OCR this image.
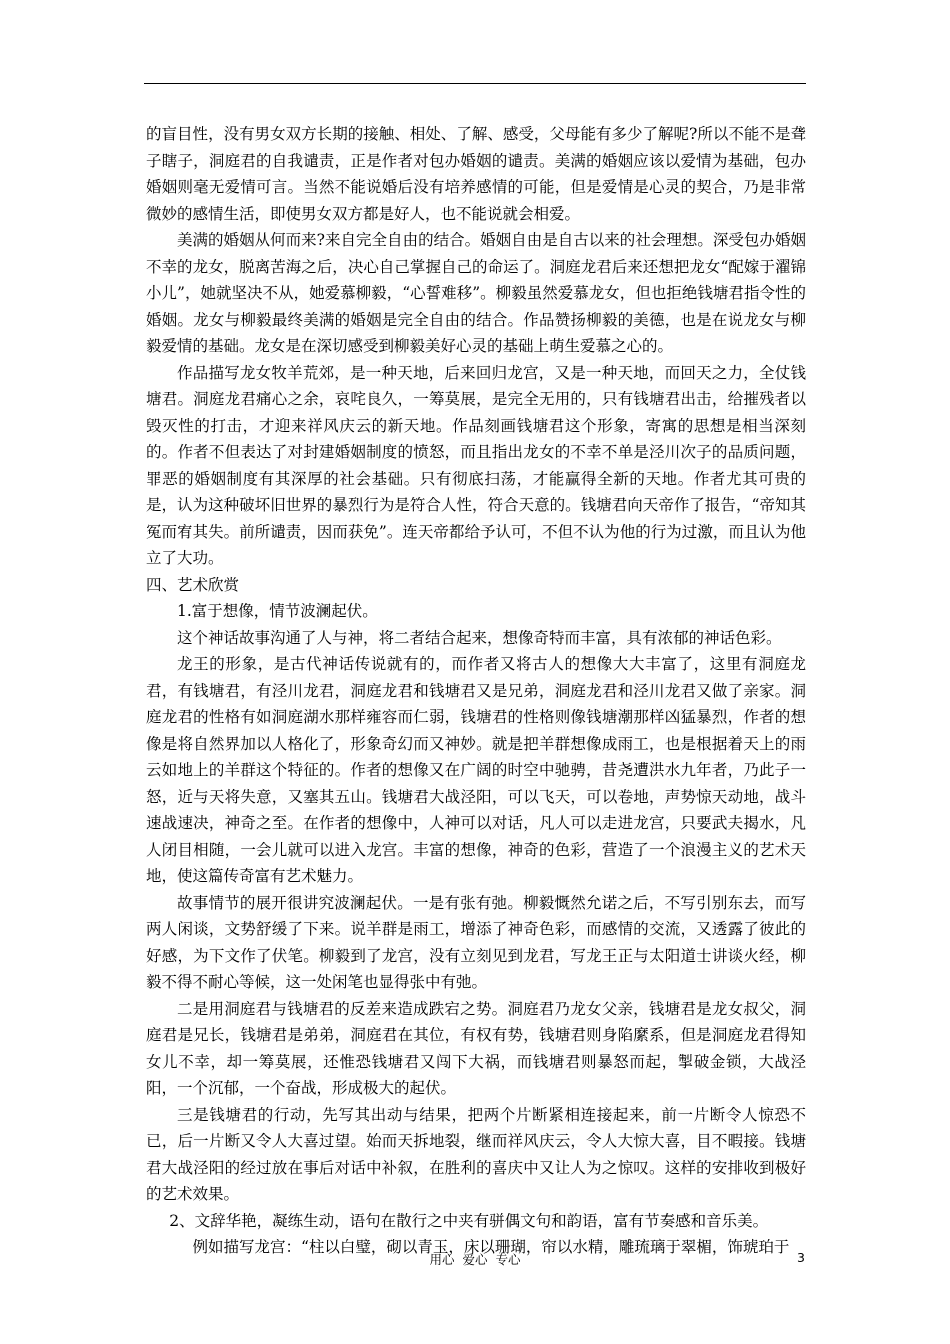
的盲目性，没有男女双方长期的接触、相处、了解、感受，父母能有多少了解呢?所以不能不是聋子瞎子，洞庭君的自我谴责，正是作者对包办婚姻的谴责。美满的婚姻应该以爱情为基础，包办婚姻则毫无爱情可言。当然不能说婚后没有培养感情的可能，但是爱情是心灵的契合，乃是非常微妙的感情生活，即使男女双方都是好人，也不能说就会相爱。

美满的婚姻从何而来?来自完全自由的结合。婚姻自由是自古以来的社会理想。深受包办婚姻不幸的龙女，脱离苦海之后，决心自己掌握自己的命运了。洞庭龙君后来还想把龙女“配嫁于濯锦小儿”，她就坚决不从，她爱慕柳毅，“心誓难移”。柳毅虽然爱慕龙女，但也拒绝钱塘君指令性的婚姻。龙女与柳毅最终美满的婚姻是完全自由的结合。作品赞扬柳毅的美德，也是在说龙女与柳毅爱情的基础。龙女是在深切感受到柳毅美好心灵的基础上萌生爱慕之心的。

作品描写龙女牧羊荒郊，是一种天地，后来回归龙宫，又是一种天地，而回天之力，全仗钱塘君。洞庭龙君痛心之余，哀咤良久，一筹莫展，是完全无用的，只有钱塘君出击，给摧残者以毁灭性的打击，才迎来祥风庆云的新天地。作品刻画钱塘君这个形象，寄寓的思想是相当深刻的。作者不但表达了对封建婚姻制度的愤怒，而且指出龙女的不幸不单是泾川次子的品质问题，罪恶的婚姻制度有其深厚的社会基础。只有彻底扫荡，才能赢得全新的天地。作者尤其可贵的是，认为这种破坏旧世界的暴烈行为是符合人性，符合天意的。钱塘君向天帝作了报告，“帝知其冤而宥其失。前所谴责，因而获免”。连天帝都给予认可，不但不认为他的行为过激，而且认为他立了大功。

四、艺术欣赏

1.富于想像，情节波澜起伏。

这个神话故事沟通了人与神，将二者结合起来，想像奇特而丰富，具有浓郁的神话色彩。

龙王的形象，是古代神话传说就有的，而作者又将古人的想像大大丰富了，这里有洞庭龙君，有钱塘君，有泾川龙君，洞庭龙君和钱塘君又是兄弟，洞庭龙君和泾川龙君又做了亲家。洞庭龙君的性格有如洞庭湖水那样雍容而仁弱，钱塘君的性格则像钱塘潮那样凶猛暴烈，作者的想像是将自然界加以人格化了，形象奇幻而又神妙。就是把羊群想像成雨工，也是根据着天上的雨云如地上的羊群这个特征的。作者的想像又在广阔的时空中驰骋，昔尧遭洪水九年者，乃此子一怒，近与天将失意，又塞其五山。钱塘君大战泾阳，可以飞天，可以卷地，声势惊天动地，战斗速战速决，神奇之至。在作者的想像中，人神可以对话，凡人可以走进龙宫，只要武夫揭水，凡人闭目相随，一会儿就可以进入龙宫。丰富的想像，神奇的色彩，营造了一个浪漫主义的艺术天地，使这篇传奇富有艺术魅力。

故事情节的展开很讲究波澜起伏。一是有张有弛。柳毅慨然允诺之后，不写引别东去，而写两人闲谈，文势舒缓了下来。说羊群是雨工，增添了神奇色彩，而感情的交流，又透露了彼此的好感，为下文作了伏笔。柳毅到了龙宫，没有立刻见到龙君，写龙王正与太阳道士讲谈火经，柳毅不得不耐心等候，这一处闲笔也显得张中有弛。

二是用洞庭君与钱塘君的反差来造成跌宕之势。洞庭君乃龙女父亲，钱塘君是龙女叔父，洞庭君是兄长，钱塘君是弟弟，洞庭君在其位，有权有势，钱塘君则身陷縻系，但是洞庭龙君得知女儿不幸，却一筹莫展，还惟恐钱塘君又闯下大祸，而钱塘君则暴怒而起，掣破金锁，大战泾阳，一个沉郁，一个奋战，形成极大的起伏。

三是钱塘君的行动，先写其出动与结果，把两个片断紧相连接起来，前一片断令人惊恐不已，后一片断又令人大喜过望。始而天拆地裂，继而祥风庆云，令人大惊大喜，目不暇接。钱塘君大战泾阳的经过放在事后对话中补叙，在胜利的喜庆中又让人为之惊叹。这样的安排收到极好的艺术效果。

2、文辞华艳，凝练生动，语句在散行之中夹有骈偶文句和韵语，富有节奏感和音乐美。

例如描写龙宫：“柱以白璧，砌以青玉，床以珊瑚，帘以水精，雕琉璃于翠楣，饰琥珀于

用心  爱心  专心	3
